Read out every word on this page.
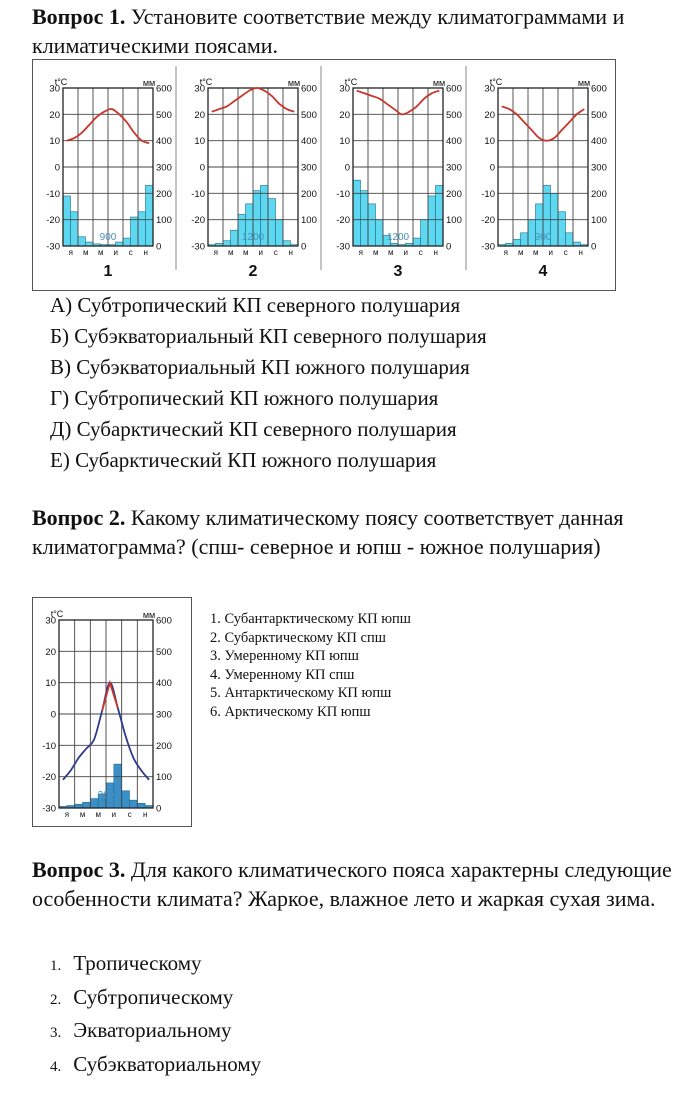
Вопрос 1. Установите соответствие между климатограммами и климатическими поясами.
30
20
10
0
-10
-20
-30
600
500
400
300
200
100
0
t°C	мм
я м м и с н
900
1
30
20
10
0
-10
-20
-30
600
500
400
300
200
100
0
t°C	мм
я м м и с н
1200
2
30
20
10
0
-10
-20
-30
600
500
400
300
200
100
0
t°C	мм
я м м и с н
1200
3
30
20
10
0
-10
-20
-30
600
500
400
300
200
100
0
t°C	мм
я м м и с н
900
4
А) Субтропический КП северного полушария
Б) Субэкваториальный КП северного полушария
В) Субэкваториальный КП южного полушария
Г) Субтропический КП южного полушария
Д) Субарктический КП северного полушария
Е) Субарктический КП южного полушария
Вопрос 2. Какому климатическому поясу соответствует данная климатограмма? (спш- северное и юпш - южное полушария)
30
20
10
0
-10
-20
-30
600
500
400
300
200
100
0
t°C	мм
я м м и с н
300
1. Субантарктическому КП юпш
2. Субарктическому КП спш
3. Умеренному КП юпш
4. Умеренному КП спш
5. Антарктическому КП юпш
6. Арктическому КП юпш
Вопрос 3. Для какого климатического пояса характерны следующие особенности климата? Жаркое, влажное лето и жаркая сухая зима.
1. Тропическому
2. Субтропическому
3. Экваториальному
4. Субэкваториальному
